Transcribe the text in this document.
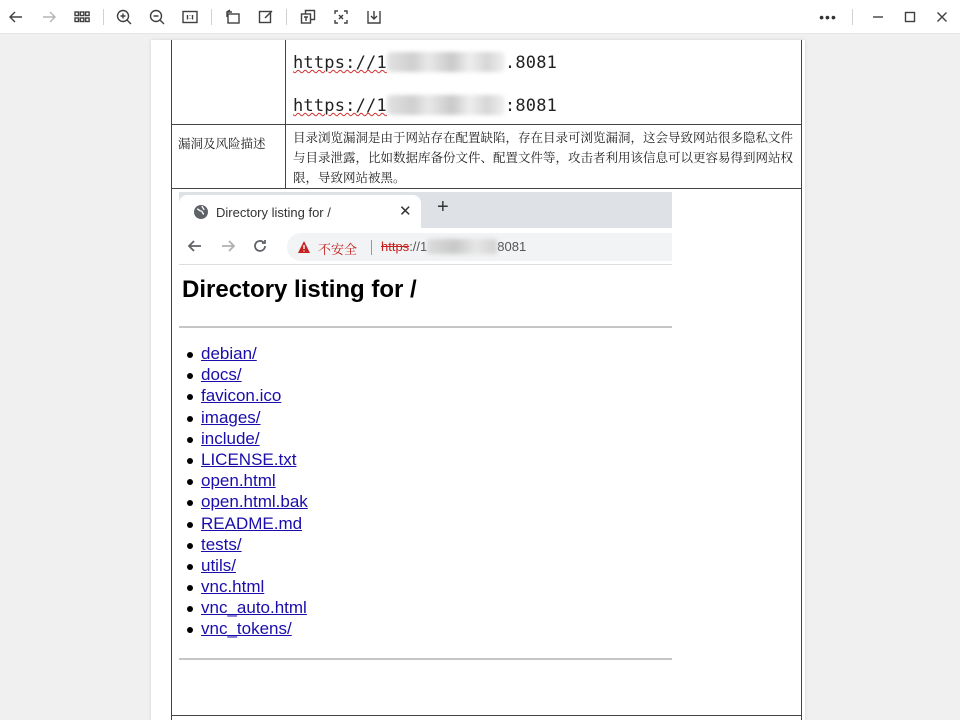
•••
https://1	.8081
https://1	:8081
漏洞及风险描述 目录浏览漏洞是由于网站存在配置缺陷，存在目录可浏览漏洞，这会导致网站很多隐私文件与目录泄露，比如数据库备份文件、配置文件等，攻击者利用该信息可以更容易得到网站权限，导致网站被黑。
Directory listing for /	✕ +
不安全 https://1	8081
Directory listing for /
debian/
docs/
favicon.ico
images/
include/
LICENSE.txt
open.html
open.html.bak
README.md
tests/
utils/
vnc.html
vnc_auto.html
vnc_tokens/
